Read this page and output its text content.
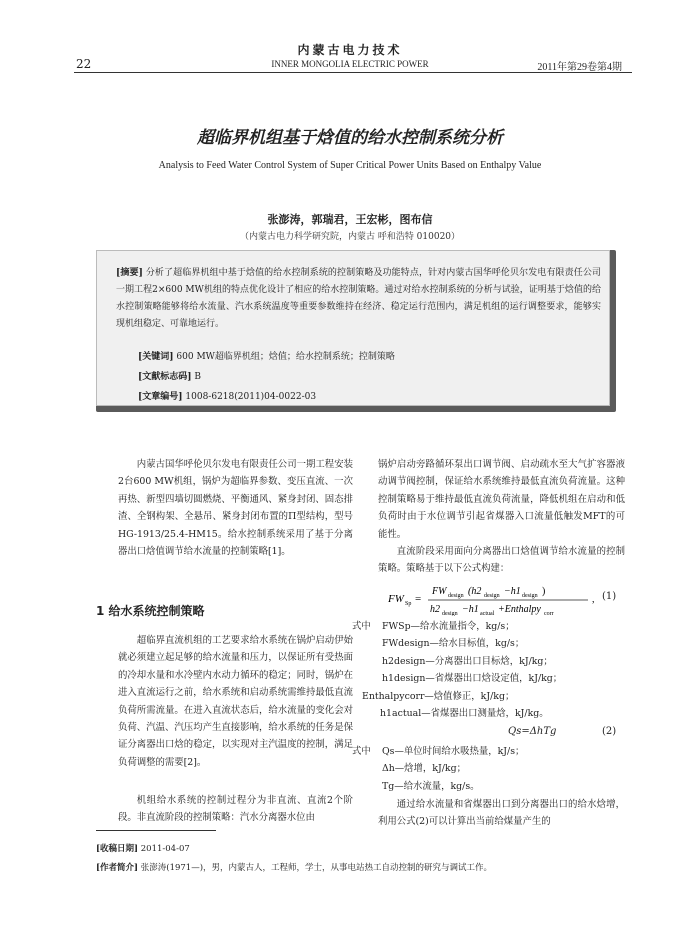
内蒙古电力技术
22	INNER MONGOLIA ELECTRIC POWER	2011年第29卷第4期
超临界机组基于焓值的给水控制系统分析
Analysis to Feed Water Control System of Super Critical Power Units Based on Enthalpy Value
张澎涛，郭瑞君，王宏彬，图布信
（内蒙古电力科学研究院，内蒙古 呼和浩特 010020）
[摘要] 分析了超临界机组中基于焓值的给水控制系统的控制策略及功能特点，针对内蒙古国华呼伦贝尔发电有限责任公司一期工程2×600 MW机组的特点优化设计了相应的给水控制策略。通过对给水控制系统的分析与试验，证明基于焓值的给水控制策略能够将给水流量、汽水系统温度等重要参数维持在经济、稳定运行范围内，满足机组的运行调整要求，能够实现机组稳定、可靠地运行。
[关键词] 600 MW超临界机组；焓值；给水控制系统；控制策略
[文献标志码] B
[文章编号] 1008-6218(2011)04-0022-03

内蒙古国华呼伦贝尔发电有限责任公司一期工程安装2台600 MW机组，锅炉为超临界参数、变压直流、一次再热、新型四墙切圆燃烧、平衡通风、紧身封闭、固态排渣、全钢构架、全悬吊、紧身封闭布置的Π型结构，型号HG-1913/25.4-HM15。给水控制系统采用了基于分离器出口焓值调节给水流量的控制策略[1]。

1 给水系统控制策略

超临界直流机组的工艺要求给水系统在锅炉启动伊始就必须建立起足够的给水流量和压力，以保证所有受热面的冷却水量和水冷壁内水动力循环的稳定；同时，锅炉在进入直流运行之前，给水系统和启动系统需维持最低直流负荷所需流量。在进入直流状态后，给水流量的变化会对负荷、汽温、汽压均产生直接影响，给水系统的任务是保证分离器出口焓的稳定，以实现对主汽温度的控制，满足负荷调整的需要[2]。

机组给水系统的控制过程分为非直流、直流2个阶段。非直流阶段的控制策略：汽水分离器水位由

锅炉启动旁路循环泵出口调节阀、启动疏水至大气扩容器液动调节阀控制，保证给水系统维持最低直流负荷流量。这种控制策略易于维持最低直流负荷流量，降低机组在启动和低负荷时由于水位调节引起省煤器入口流量低触发MFT的可能性。

直流阶段采用面向分离器出口焓值调节给水流量的控制策略。策略基于以下公式构建：

FW Sp =
FW design (h2 design −h1 design )
h2 design −h1 actual +Enthalpy corr
, (1)
式中 FWSp—给水流量指令，kg/s；
FWdesign—给水目标值，kg/s；
h2design—分离器出口目标焓，kJ/kg；
h1design—省煤器出口焓设定值，kJ/kg；
Enthalpycorr—焓值修正，kJ/kg；
h1actual—省煤器出口测量焓，kJ/kg。
Qs=ΔhTg	(2)
式中 Qs—单位时间给水吸热量，kJ/s；
Δh—焓增，kJ/kg；
Tg—给水流量，kg/s。

通过给水流量和省煤器出口到分离器出口的给水焓增，利用公式(2)可以计算出当前给煤量产生的

[收稿日期] 2011-04-07
[作者简介] 张澎涛(1971—)，男，内蒙古人，工程师，学士，从事电站热工自动控制的研究与调试工作。
